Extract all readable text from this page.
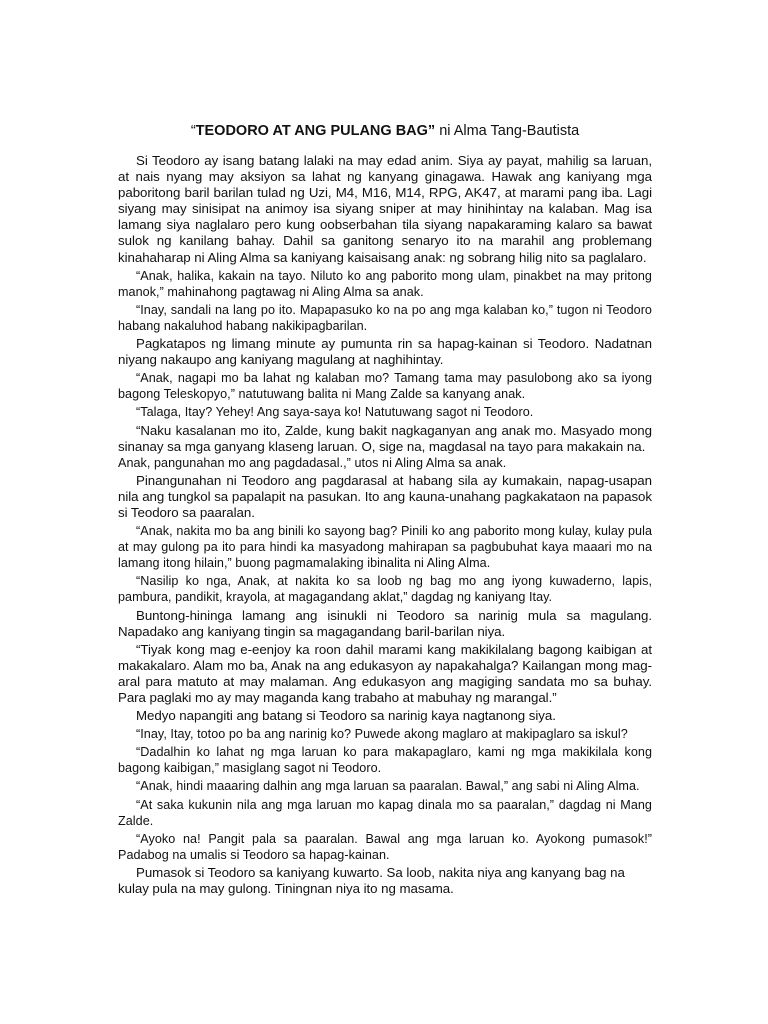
“TEODORO AT ANG PULANG BAG” ni Alma Tang-Bautista

Si Teodoro ay isang batang lalaki na may edad anim. Siya ay payat, mahilig sa laruan, at nais nyang may aksiyon sa lahat ng kanyang ginagawa. Hawak ang kaniyang mga paboritong baril barilan tulad ng Uzi, M4, M16, M14, RPG, AK47, at marami pang iba. Lagi siyang may sinisipat na animoy isa siyang sniper at may hinihintay na kalaban. Mag isa lamang siya naglalaro pero kung oobserbahan tila siyang napakaraming kalaro sa bawat sulok ng kanilang bahay. Dahil sa ganitong senaryo ito na marahil ang problemang kinahaharap ni Aling Alma sa kaniyang kaisaisang anak: ng sobrang hilig nito sa paglalaro.

“Anak, halika, kakain na tayo. Niluto ko ang paborito mong ulam, pinakbet na may pritong manok,” mahinahong pagtawag ni Aling Alma sa anak.

“Inay, sandali na lang po ito. Mapapasuko ko na po ang mga kalaban ko,” tugon ni Teodoro habang nakaluhod habang nakikipagbarilan.

Pagkatapos ng limang minute ay pumunta rin sa hapag-kainan si Teodoro. Nadatnan niyang nakaupo ang kaniyang magulang at naghihintay.

“Anak, nagapi mo ba lahat ng kalaban mo? Tamang tama may pasulobong ako sa iyong bagong Teleskopyo,” natutuwang balita ni Mang Zalde sa kanyang anak.

“Talaga, Itay? Yehey! Ang saya-saya ko! Natutuwang sagot ni Teodoro.

“Naku kasalanan mo ito, Zalde, kung bakit nagkaganyan ang anak mo. Masyado mong sinanay sa mga ganyang klaseng laruan. O, sige na, magdasal na tayo para makakain na.

Anak, pangunahan mo ang pagdadasal.,” utos ni Aling Alma sa anak.

Pinangunahan ni Teodoro ang pagdarasal at habang sila ay kumakain, napag-usapan nila ang tungkol sa papalapit na pasukan. Ito ang kauna-unahang pagkakataon na papasok si Teodoro sa paaralan.

“Anak, nakita mo ba ang binili ko sayong bag? Pinili ko ang paborito mong kulay, kulay pula at may gulong pa ito para hindi ka masyadong mahirapan sa pagbubuhat kaya maaari mo na lamang itong hilain,” buong pagmamalaking ibinalita ni Aling Alma.

“Nasilip ko nga, Anak, at nakita ko sa loob ng bag mo ang iyong kuwaderno, lapis, pambura, pandikit, krayola, at magagandang aklat,” dagdag ng kaniyang Itay.

Buntong-hininga lamang ang isinukli ni Teodoro sa narinig mula sa magulang. Napadako ang kaniyang tingin sa magagandang baril-barilan niya.

“Tiyak kong mag e-eenjoy ka roon dahil marami kang makikilalang bagong kaibigan at makakalaro. Alam mo ba, Anak na ang edukasyon ay napakahalga? Kailangan mong mag-aral para matuto at may malaman. Ang edukasyon ang magiging sandata mo sa buhay. Para paglaki mo ay may maganda kang trabaho at mabuhay ng marangal.”

Medyo napangiti ang batang si Teodoro sa narinig kaya nagtanong siya.

“Inay, Itay, totoo po ba ang narinig ko? Puwede akong maglaro at makipaglaro sa iskul?

“Dadalhin ko lahat ng mga laruan ko para makapaglaro, kami ng mga makikilala kong bagong kaibigan,” masiglang sagot ni Teodoro.

“Anak, hindi maaaring dalhin ang mga laruan sa paaralan. Bawal,” ang sabi ni Aling Alma.

“At saka kukunin nila ang mga laruan mo kapag dinala mo sa paaralan,” dagdag ni Mang Zalde.

“Ayoko na! Pangit pala sa paaralan. Bawal ang mga laruan ko. Ayokong pumasok!” Padabog na umalis si Teodoro sa hapag-kainan.

Pumasok si Teodoro sa kaniyang kuwarto. Sa loob, nakita niya ang kanyang bag na kulay pula na may gulong. Tiningnan niya ito ng masama.
